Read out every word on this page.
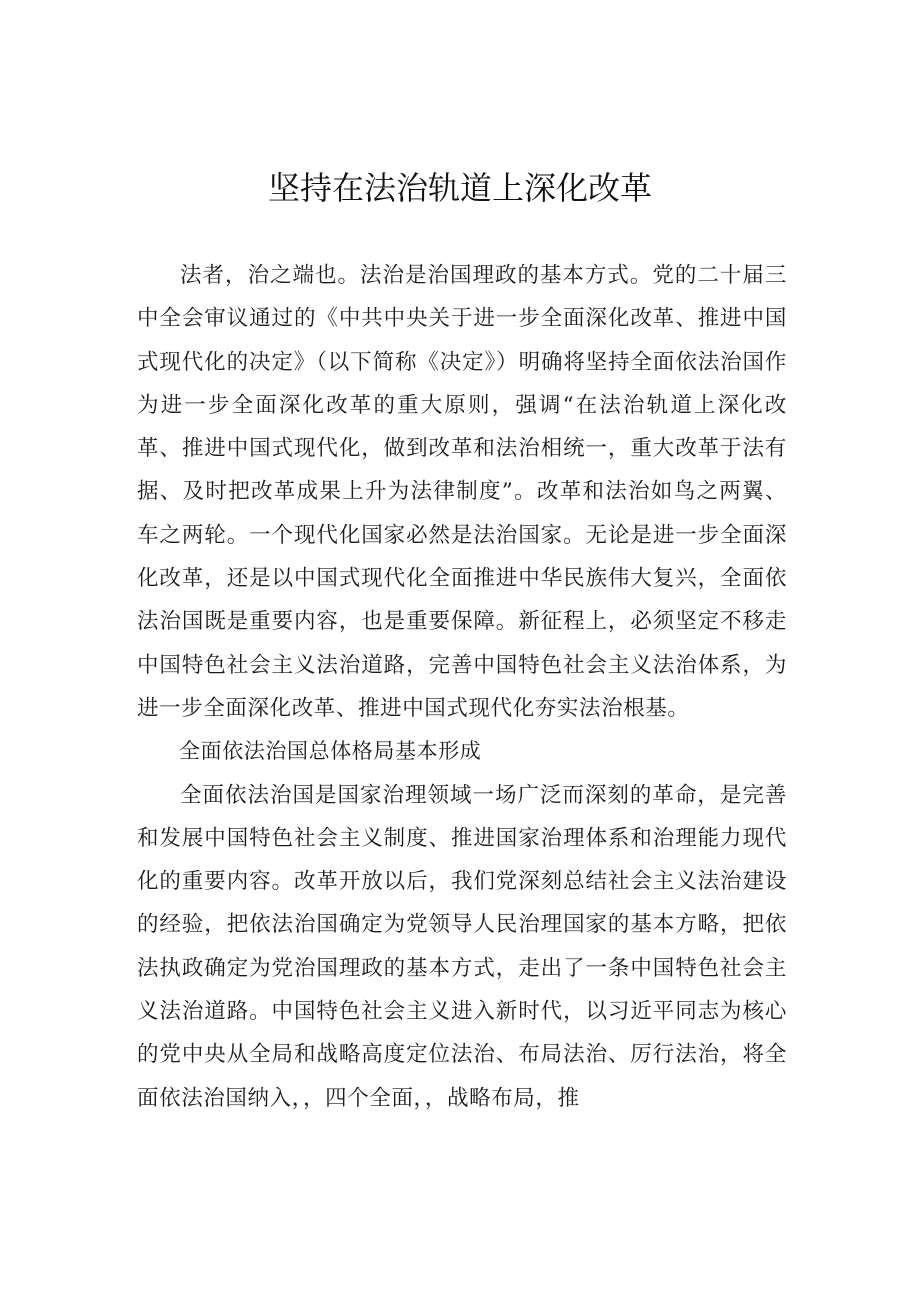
坚持在法治轨道上深化改革

法者，治之端也。法治是治国理政的基本方式。党的二十届三中全会审议通过的《中共中央关于进一步全面深化改革、推进中国式现代化的决定》（以下简称《决定》）明确将坚持全面依法治国作为进一步全面深化改革的重大原则，强调“在法治轨道上深化改革、推进中国式现代化，做到改革和法治相统一，重大改革于法有据、及时把改革成果上升为法律制度”。改革和法治如鸟之两翼、车之两轮。一个现代化国家必然是法治国家。无论是进一步全面深化改革，还是以中国式现代化全面推进中华民族伟大复兴，全面依法治国既是重要内容，也是重要保障。新征程上，必须坚定不移走中国特色社会主义法治道路，完善中国特色社会主义法治体系，为进一步全面深化改革、推进中国式现代化夯实法治根基。

全面依法治国总体格局基本形成

全面依法治国是国家治理领域一场广泛而深刻的革命，是完善和发展中国特色社会主义制度、推进国家治理体系和治理能力现代化的重要内容。改革开放以后，我们党深刻总结社会主义法治建设的经验，把依法治国确定为党领导人民治理国家的基本方略，把依法执政确定为党治国理政的基本方式，走出了一条中国特色社会主义法治道路。中国特色社会主义进入新时代，以习近平同志为核心的党中央从全局和战略高度定位法治、布局法治、厉行法治，将全面依法治国纳入，，四个全面，，战略布局，推
